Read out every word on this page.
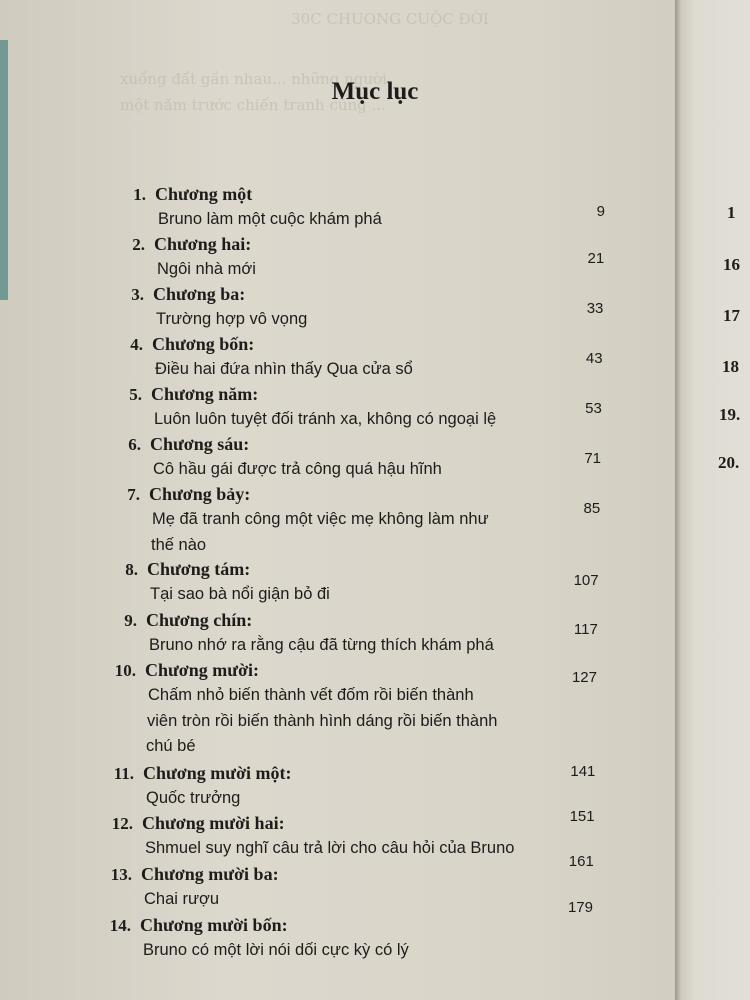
30C CHUONG CUỘC ĐỜI
xuống đất gần nhau... những người
một năm trước chiến tranh cũng ...
Mục lục
1. Chương một
Bruno làm một cuộc khám phá	9
2. Chương hai:
Ngôi nhà mới
21
3. Chương ba:
Trường hợp vô vọng
33
4. Chương bốn:
Điều hai đứa nhìn thấy Qua cửa sổ
43
5. Chương năm:
Luôn luôn tuyệt đối tránh xa, không có ngoại lệ
53
6. Chương sáu:
Cô hầu gái được trả công quá hậu hĩnh
71
7. Chương bảy:
Mẹ đã tranh công một việc mẹ không làm như
thế nào
85
8. Chương tám:
Tại sao bà nổi giận bỏ đi
107
9. Chương chín:
Bruno nhớ ra rằng cậu đã từng thích khám phá
117
10. Chương mười:
Chấm nhỏ biến thành vết đốm rồi biến thành
viên tròn rồi biến thành hình dáng rồi biến thành
chú bé
127
11. Chương mười một:
Quốc trưởng
141
12. Chương mười hai:
Shmuel suy nghĩ câu trả lời cho câu hỏi của Bruno
151
13. Chương mười ba:
Chai rượu
161
14. Chương mười bốn:
Bruno có một lời nói dối cực kỳ có lý
179
1
16
17
18
19.
20.
